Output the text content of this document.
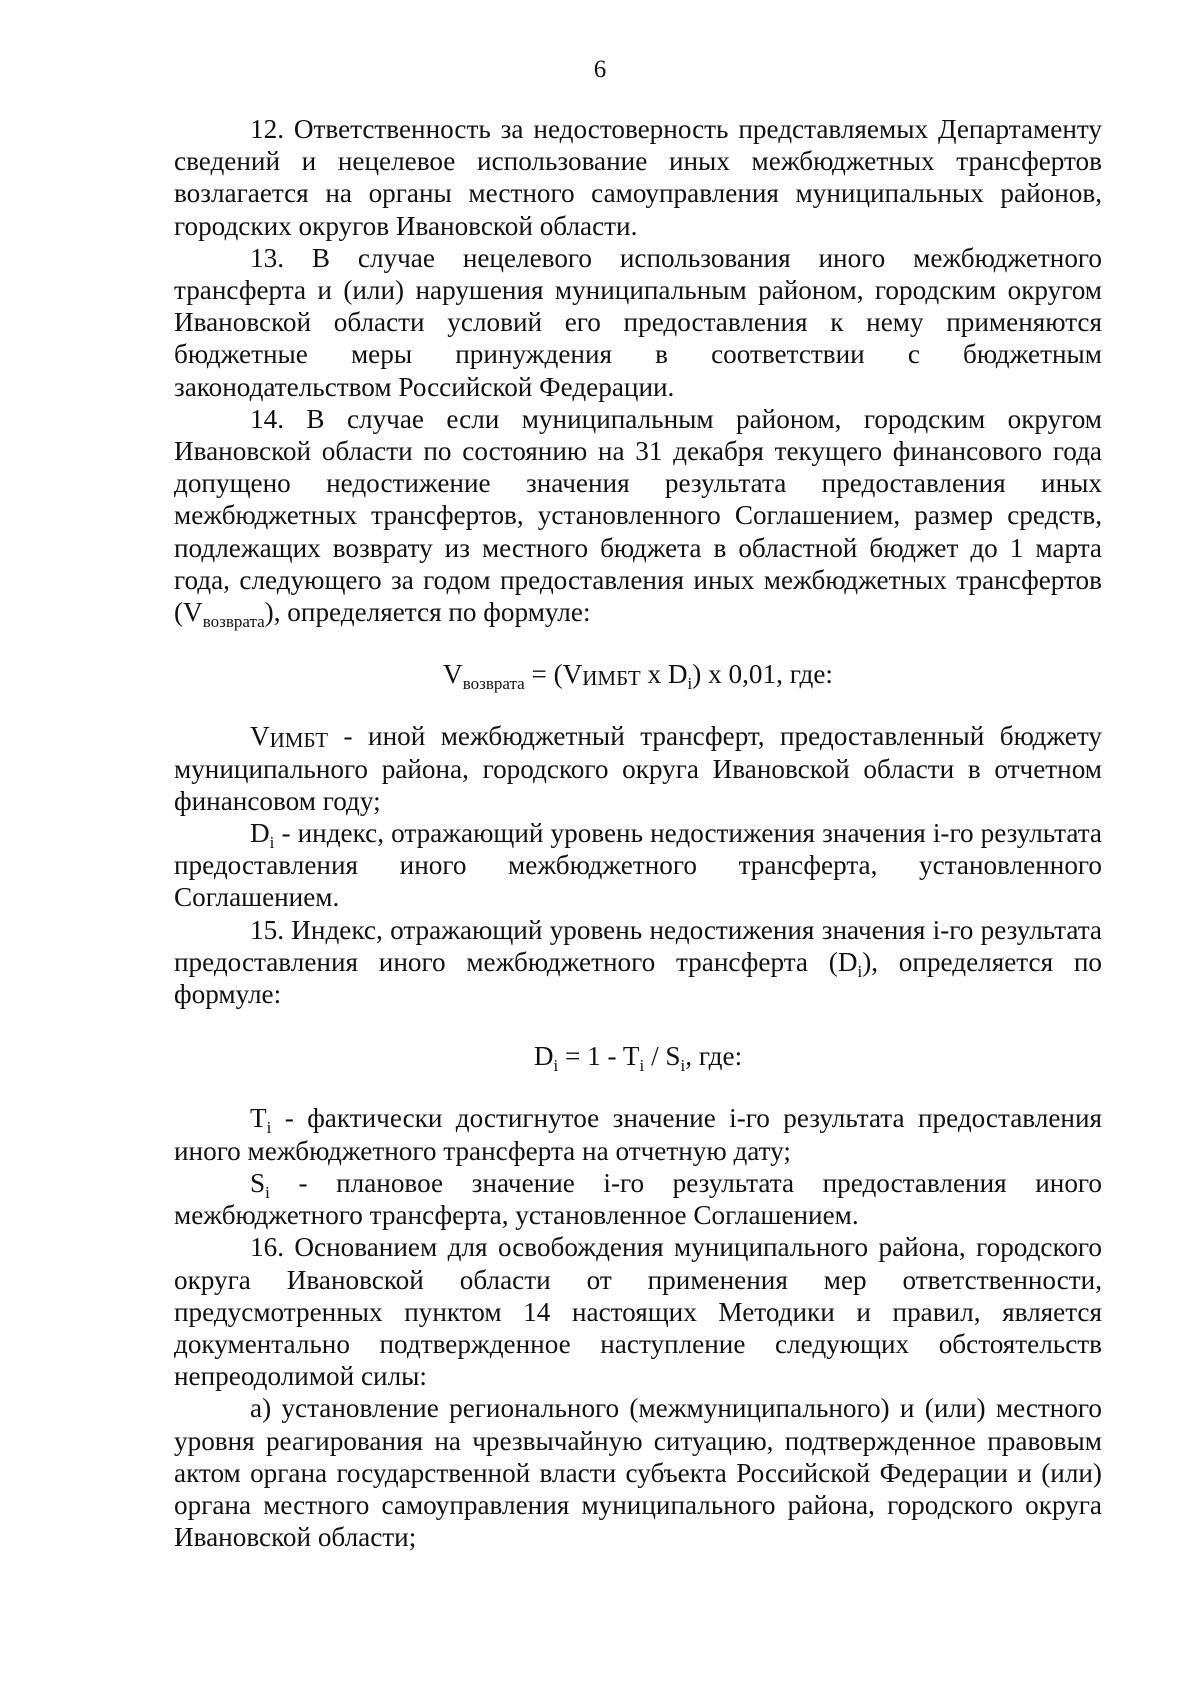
6

12. Ответственность за недостоверность представляемых Департаменту сведений и нецелевое использование иных межбюджетных трансфертов возлагается на органы местного самоуправления муниципальных районов, городских округов Ивановской области.

13. В случае нецелевого использования иного межбюджетного трансферта и (или) нарушения муниципальным районом, городским округом Ивановской области условий его предоставления к нему применяются бюджетные меры принуждения в соответствии с бюджетным законодательством Российской Федерации.

14. В случае если муниципальным районом, городским округом Ивановской области по состоянию на 31 декабря текущего финансового года допущено недостижение значения результата предоставления иных межбюджетных трансфертов, установленного Соглашением, размер средств, подлежащих возврату из местного бюджета в областной бюджет до 1 марта года, следующего за годом предоставления иных межбюджетных трансфертов $(V_{возврата})$, определяется по формуле:

$V_{возврата}$ = (VИМБТ x $D_i$) x 0,01, где:

VИМБТ - иной межбюджетный трансферт, предоставленный бюджету муниципального района, городского округа Ивановской области в отчетном финансовом году;

$D_i$ - индекс, отражающий уровень недостижения значения i-го результата предоставления иного межбюджетного трансферта, установленного Соглашением.

15. Индекс, отражающий уровень недостижения значения i-го результата предоставления иного межбюджетного трансферта $(D_i)$, определяется по формуле:

$D_i = 1 - T_i / S_i$, где:

$T_i$ - фактически достигнутое значение i-го результата предоставления иного межбюджетного трансферта на отчетную дату;

$S_i$ - плановое значение i-го результата предоставления иного межбюджетного трансферта, установленное Соглашением.

16. Основанием для освобождения муниципального района, городского округа Ивановской области от применения мер ответственности, предусмотренных пунктом 14 настоящих Методики и правил, является документально подтвержденное наступление следующих обстоятельств непреодолимой силы:

а) установление регионального (межмуниципального) и (или) местного уровня реагирования на чрезвычайную ситуацию, подтвержденное правовым актом органа государственной власти субъекта Российской Федерации и (или) органа местного самоуправления муниципального района, городского округа Ивановской области;
